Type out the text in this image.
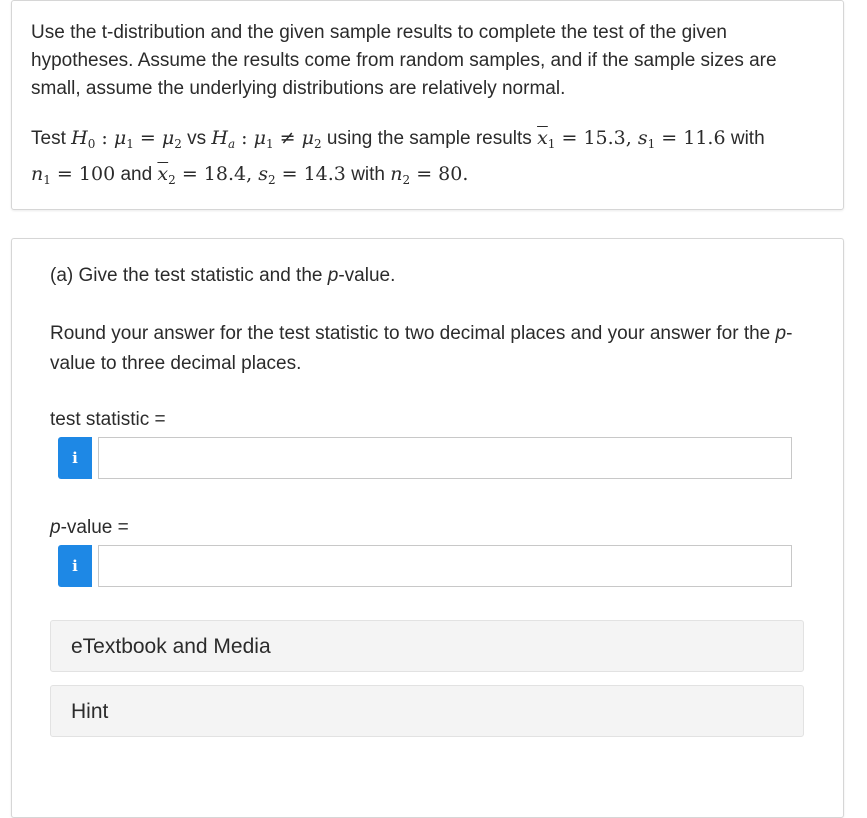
Use the t-distribution and the given sample results to complete the test of the given hypotheses. Assume the results come from random samples, and if the sample sizes are small, assume the underlying distributions are relatively normal.

Test $H_0$ : $\mu_1 = \mu_2$ vs $H_a$ : $\mu_1 \ne \mu_2$ using the sample results $\overline{x}_1 = 15.3$, $s_1 = 11.6$ with
$n_1 = 100$ and $\overline{x}_2 = 18.4$, $s_2 = 14.3$ with $n_2 = 80$.

(a) Give the test statistic and the p-value.

Round your answer for the test statistic to two decimal places and your answer for the p-value to three decimal places.

test statistic =

i

p-value =

i
eTextbook and Media
Hint
